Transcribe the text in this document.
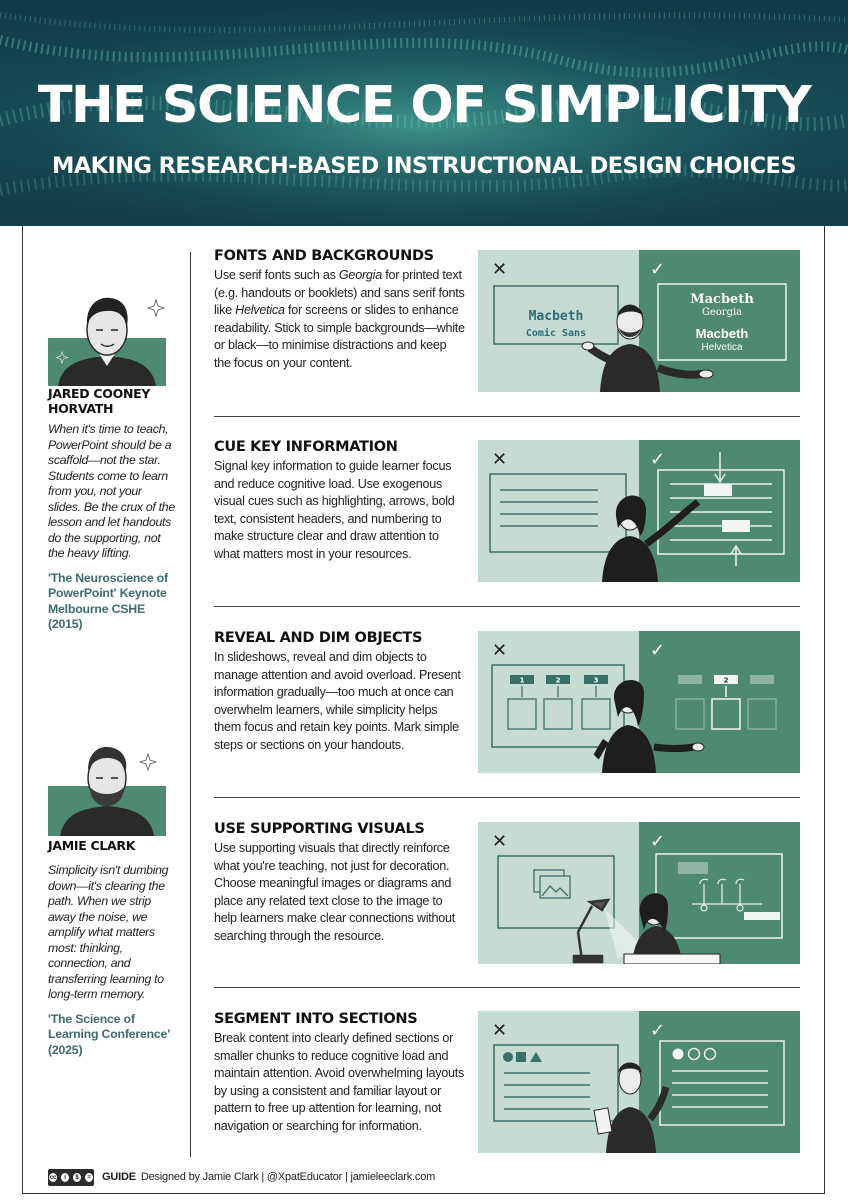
THE SCIENCE OF SIMPLICITY
MAKING RESEARCH-BASED INSTRUCTIONAL DESIGN CHOICES
JARED COONEY
HORVATH
When it's time to teach, PowerPoint should be a scaffold—not the star. Students come to learn from you, not your slides. Be the crux of the lesson and let handouts do the supporting, not the heavy lifting.
'The Neuroscience of PowerPoint' Keynote Melbourne CSHE (2015)
JAMIE CLARK
Simplicity isn't dumbing down—it's clearing the path. When we strip away the noise, we amplify what matters most: thinking, connection, and transferring learning to long-term memory.
'The Science of Learning Conference' (2025)
FONTS AND BACKGROUNDS
Use serif fonts such as Georgia for printed text (e.g. handouts or booklets) and sans serif fonts like Helvetica for screens or slides to enhance readability. Stick to simple backgrounds—white or black—to minimise distractions and keep the focus on your content.
✕	✓
Macbeth
Comic Sans
Macbeth
Georgia
Macbeth
Helvetica
CUE KEY INFORMATION
Signal key information to guide learner focus and reduce cognitive load. Use exogenous visual cues such as highlighting, arrows, bold text, consistent headers, and numbering to make structure clear and draw attention to what matters most in your resources.
✕	✓
REVEAL AND DIM OBJECTS
In slideshows, reveal and dim objects to manage attention and avoid overload. Present information gradually—too much at once can overwhelm learners, while simplicity helps them focus and retain key points. Mark simple steps or sections on your handouts.
✕	✓
1	2	3	2
USE SUPPORTING VISUALS
Use supporting visuals that directly reinforce what you're teaching, not just for decoration. Choose meaningful images or diagrams and place any related text close to the image to help learners make clear connections without searching through the resource.
✕	✓
SEGMENT INTO SECTIONS
Break content into clearly defined sections or smaller chunks to reduce cognitive load and maintain attention. Avoid overwhelming layouts by using a consistent and familiar layout or pattern to free up attention for learning, not navigation or searching for information.
✕	✓
cc	i	$	=	GUIDE Designed by Jamie Clark | @XpatEducator | jamieleeclark.com
